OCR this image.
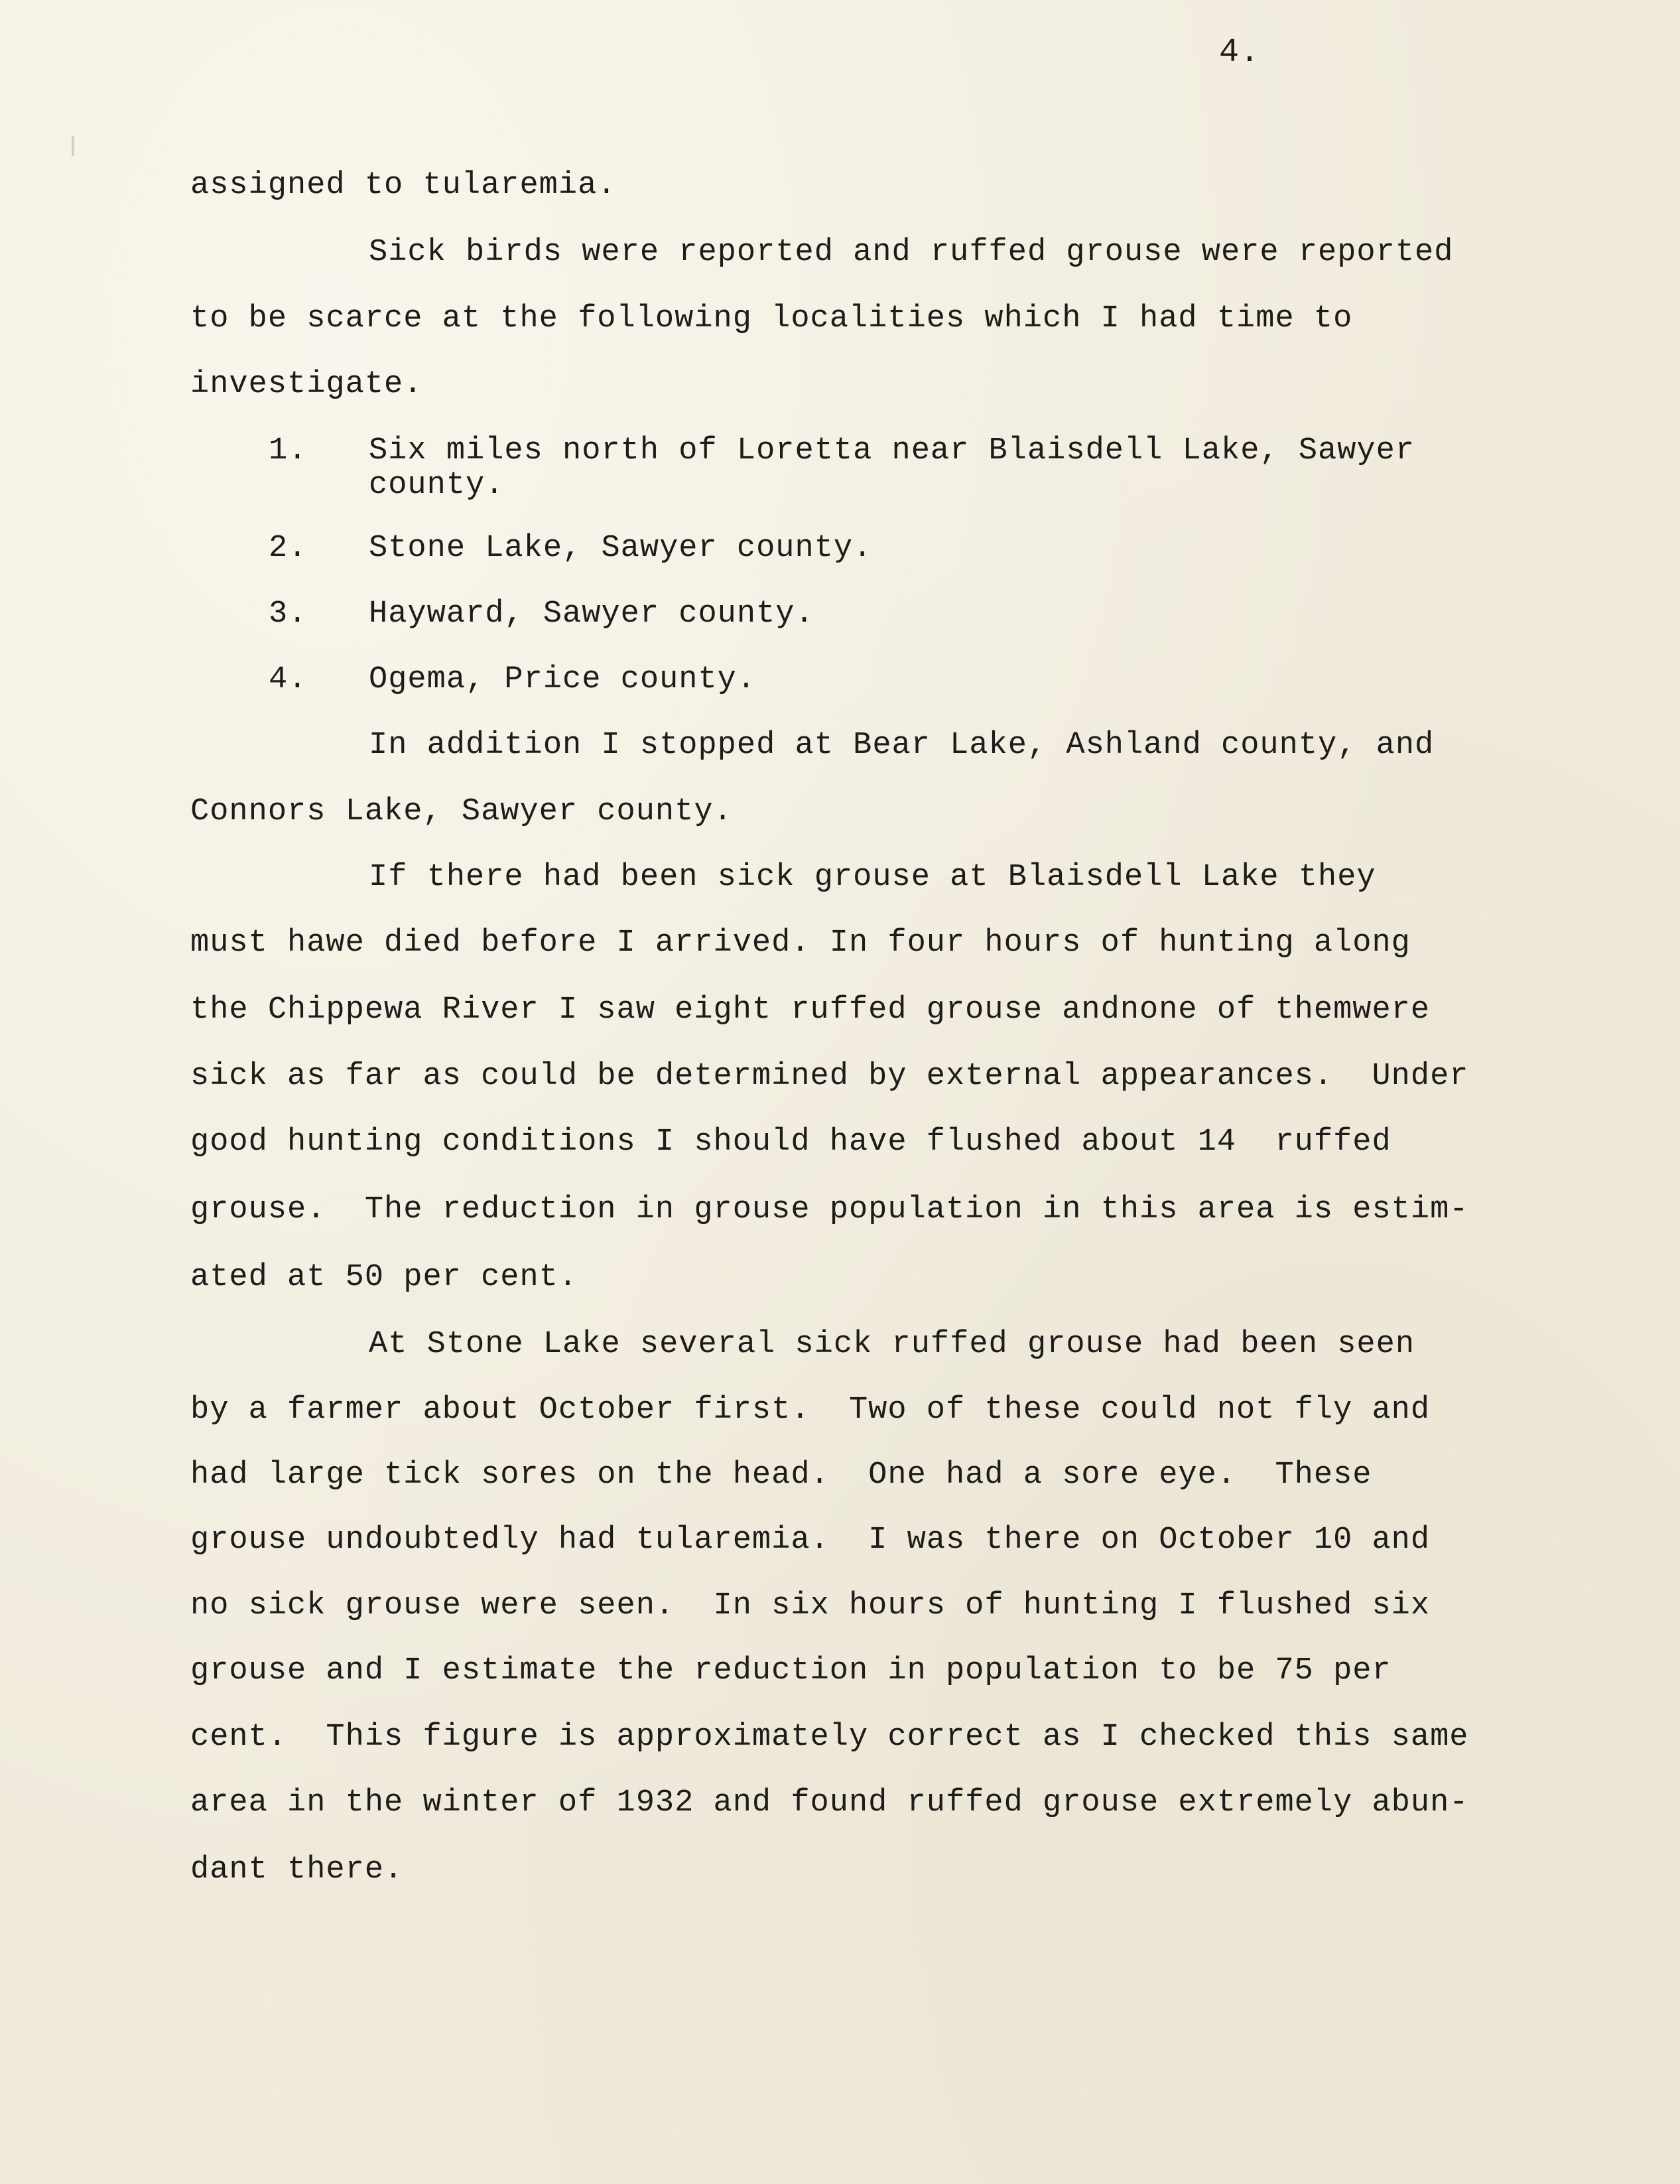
4.
assigned to tularemia.
Sick birds were reported and ruffed grouse were reported
to be scarce at the following localities which I had time to
investigate.
1. Six miles north of Loretta near Blaisdell Lake, Sawyer
county.
2. Stone Lake, Sawyer county.
3. Hayward, Sawyer county.
4. Ogema, Price county.
In addition I stopped at Bear Lake, Ashland county, and
Connors Lake, Sawyer county.
If there had been sick grouse at Blaisdell Lake they
must hawe died before I arrived. In four hours of hunting along
the Chippewa River I saw eight ruffed grouse andnone of themwere
sick as far as could be determined by external appearances.  Under
good hunting conditions I should have flushed about 14  ruffed
grouse.  The reduction in grouse population in this area is estim-
ated at 50 per cent.
At Stone Lake several sick ruffed grouse had been seen
by a farmer about October first.  Two of these could not fly and
had large tick sores on the head.  One had a sore eye.  These
grouse undoubtedly had tularemia.  I was there on October 10 and
no sick grouse were seen.  In six hours of hunting I flushed six
grouse and I estimate the reduction in population to be 75 per
cent.  This figure is approximately correct as I checked this same
area in the winter of 1932 and found ruffed grouse extremely abun-
dant there.
